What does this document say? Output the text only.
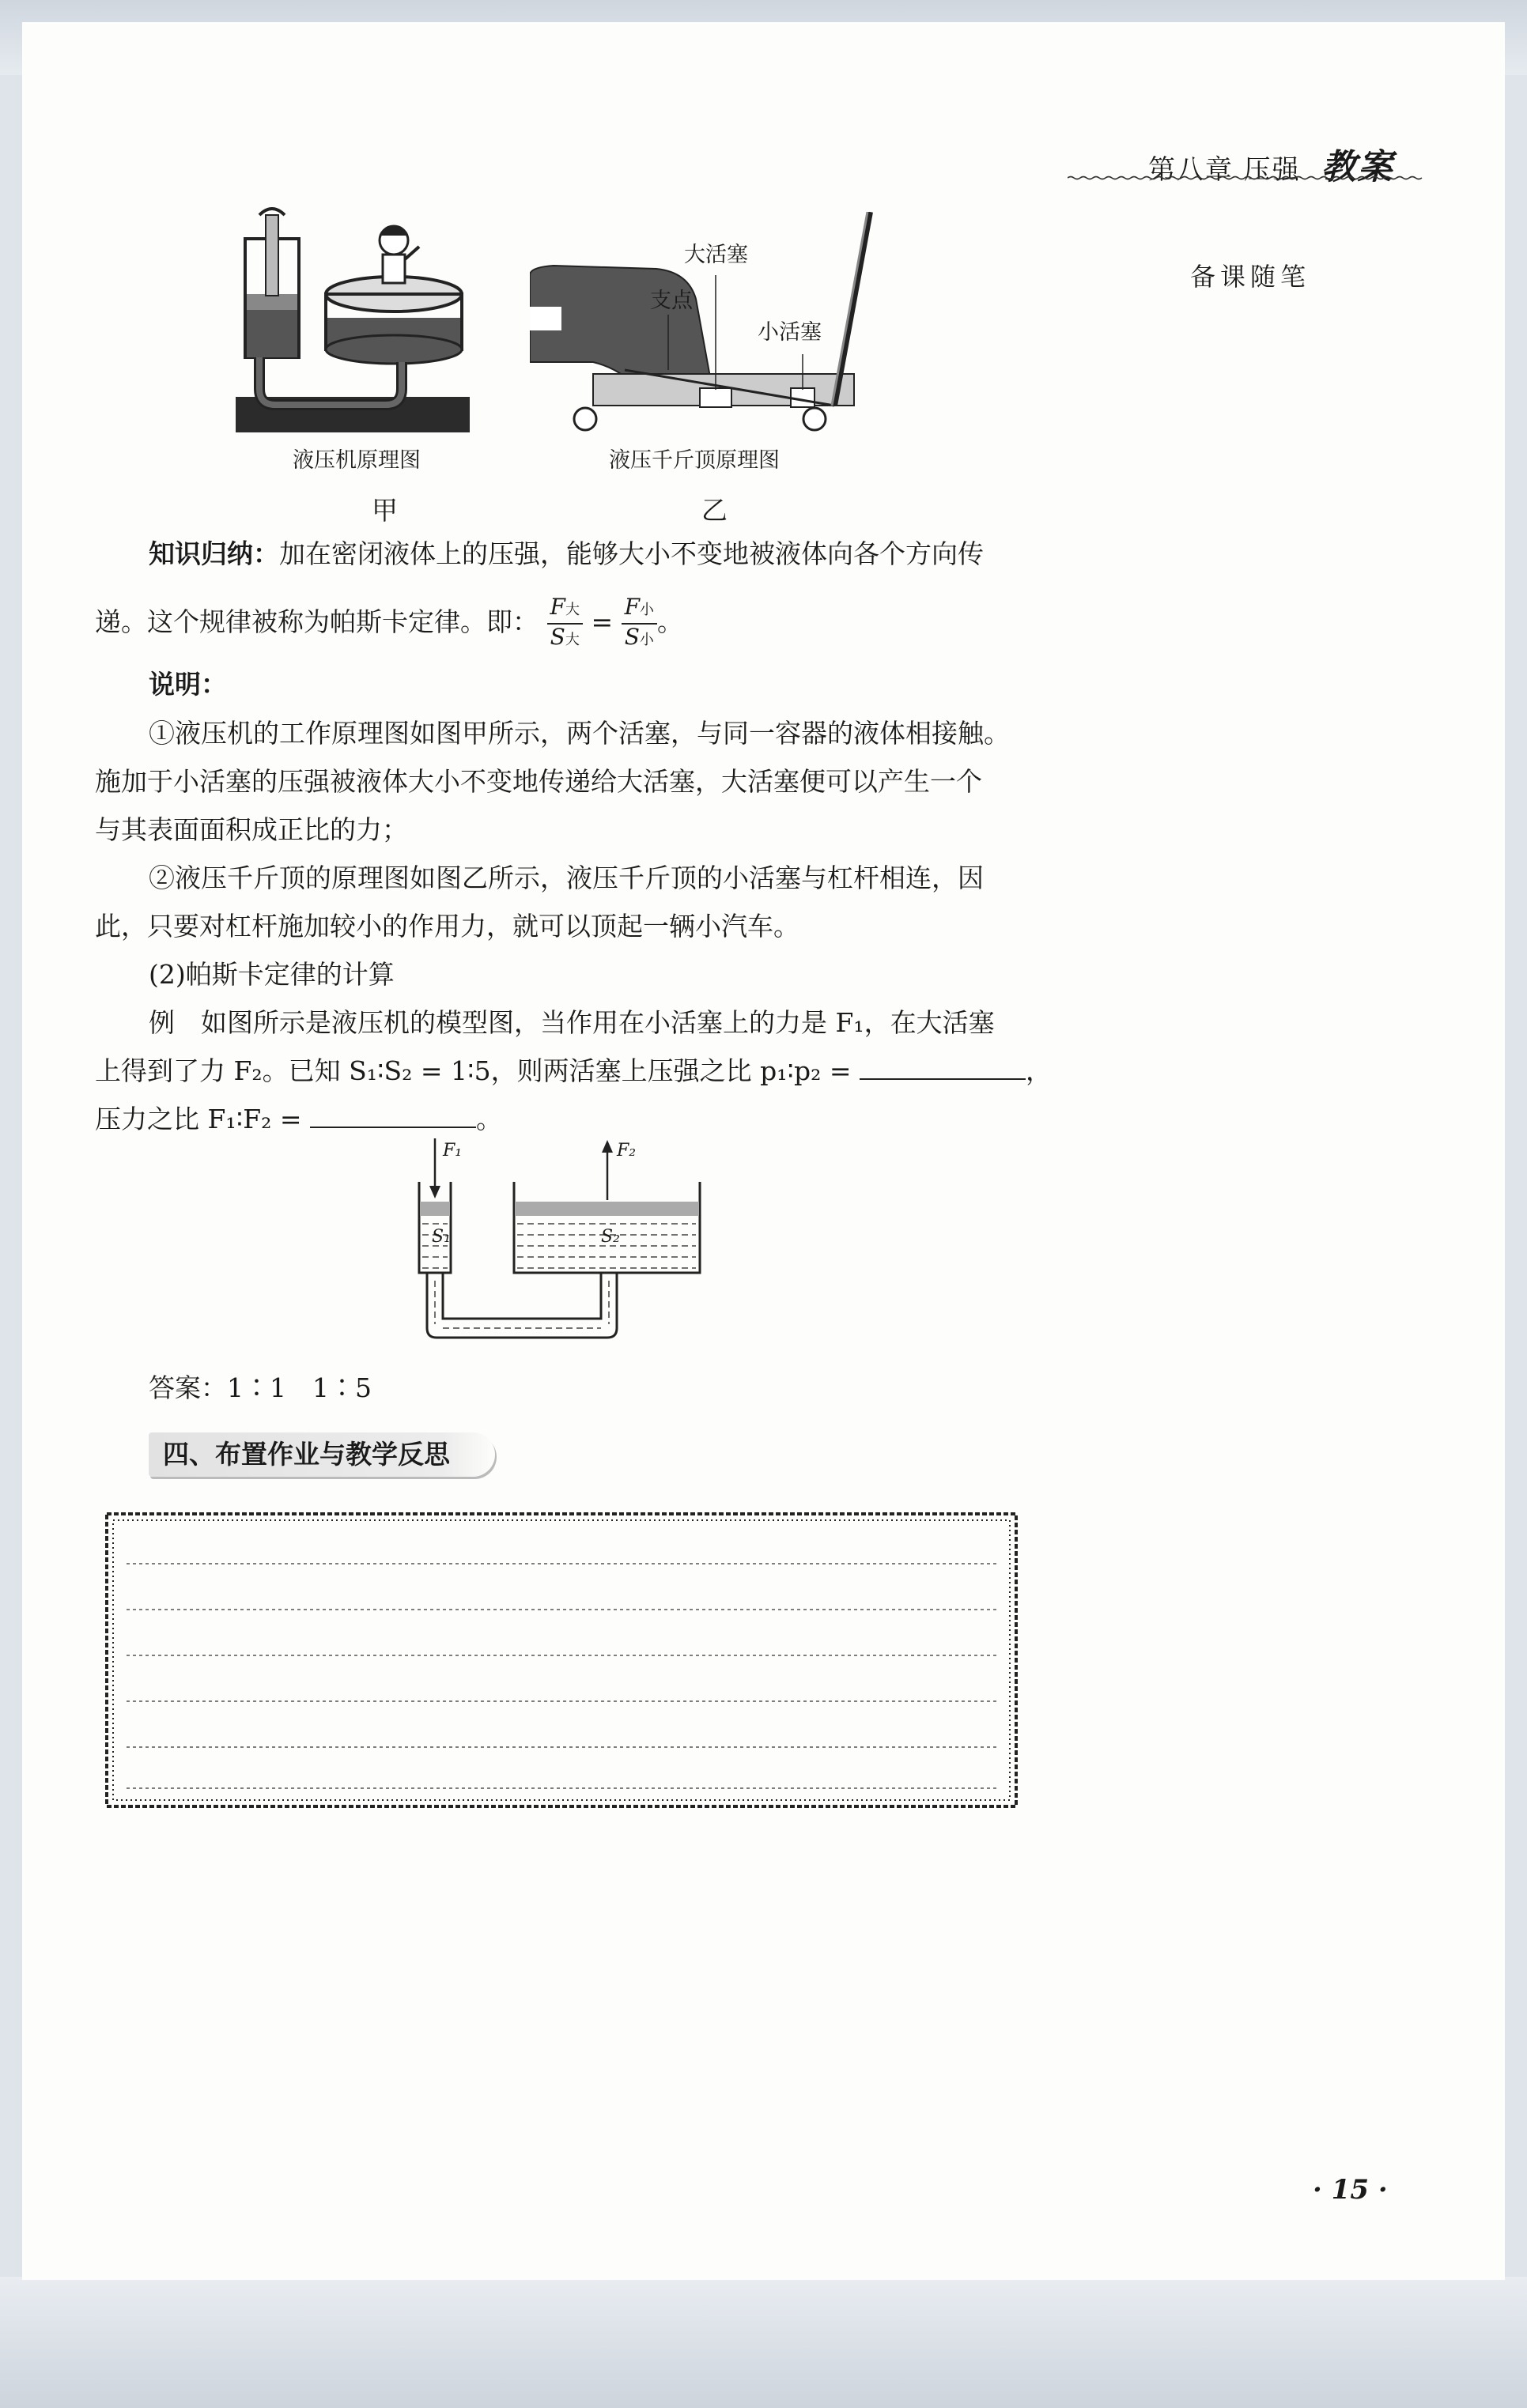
第八章 压强 教案
备课随笔
液压机原理图
大活塞
支点
小活塞
液压千斤顶原理图
甲	乙
知识归纳：加在密闭液体上的压强，能够大小不变地被液体向各个方向传
递。这个规律被称为帕斯卡定律。即： $\frac{\text{F大}}{\text{S大}} = \frac{\text{F小}}{\text{S小}}$ 。
说明：
①液压机的工作原理图如图甲所示，两个活塞，与同一容器的液体相接触。
施加于小活塞的压强被液体大小不变地传递给大活塞，大活塞便可以产生一个
与其表面面积成正比的力；
②液压千斤顶的原理图如图乙所示，液压千斤顶的小活塞与杠杆相连，因
此，只要对杠杆施加较小的作用力，就可以顶起一辆小汽车。
(2)帕斯卡定律的计算
例　如图所示是液压机的模型图，当作用在小活塞上的力是 F₁，在大活塞
上得到了力 F₂。已知 S₁∶S₂ = 1∶5，则两活塞上压强之比 p₁∶p₂ =	，
压力之比 F₁∶F₂ =	。
F₁	F₂
S₁	S₂
答案：1∶1　1∶5
四、布置作业与教学反思
· 15 ·
